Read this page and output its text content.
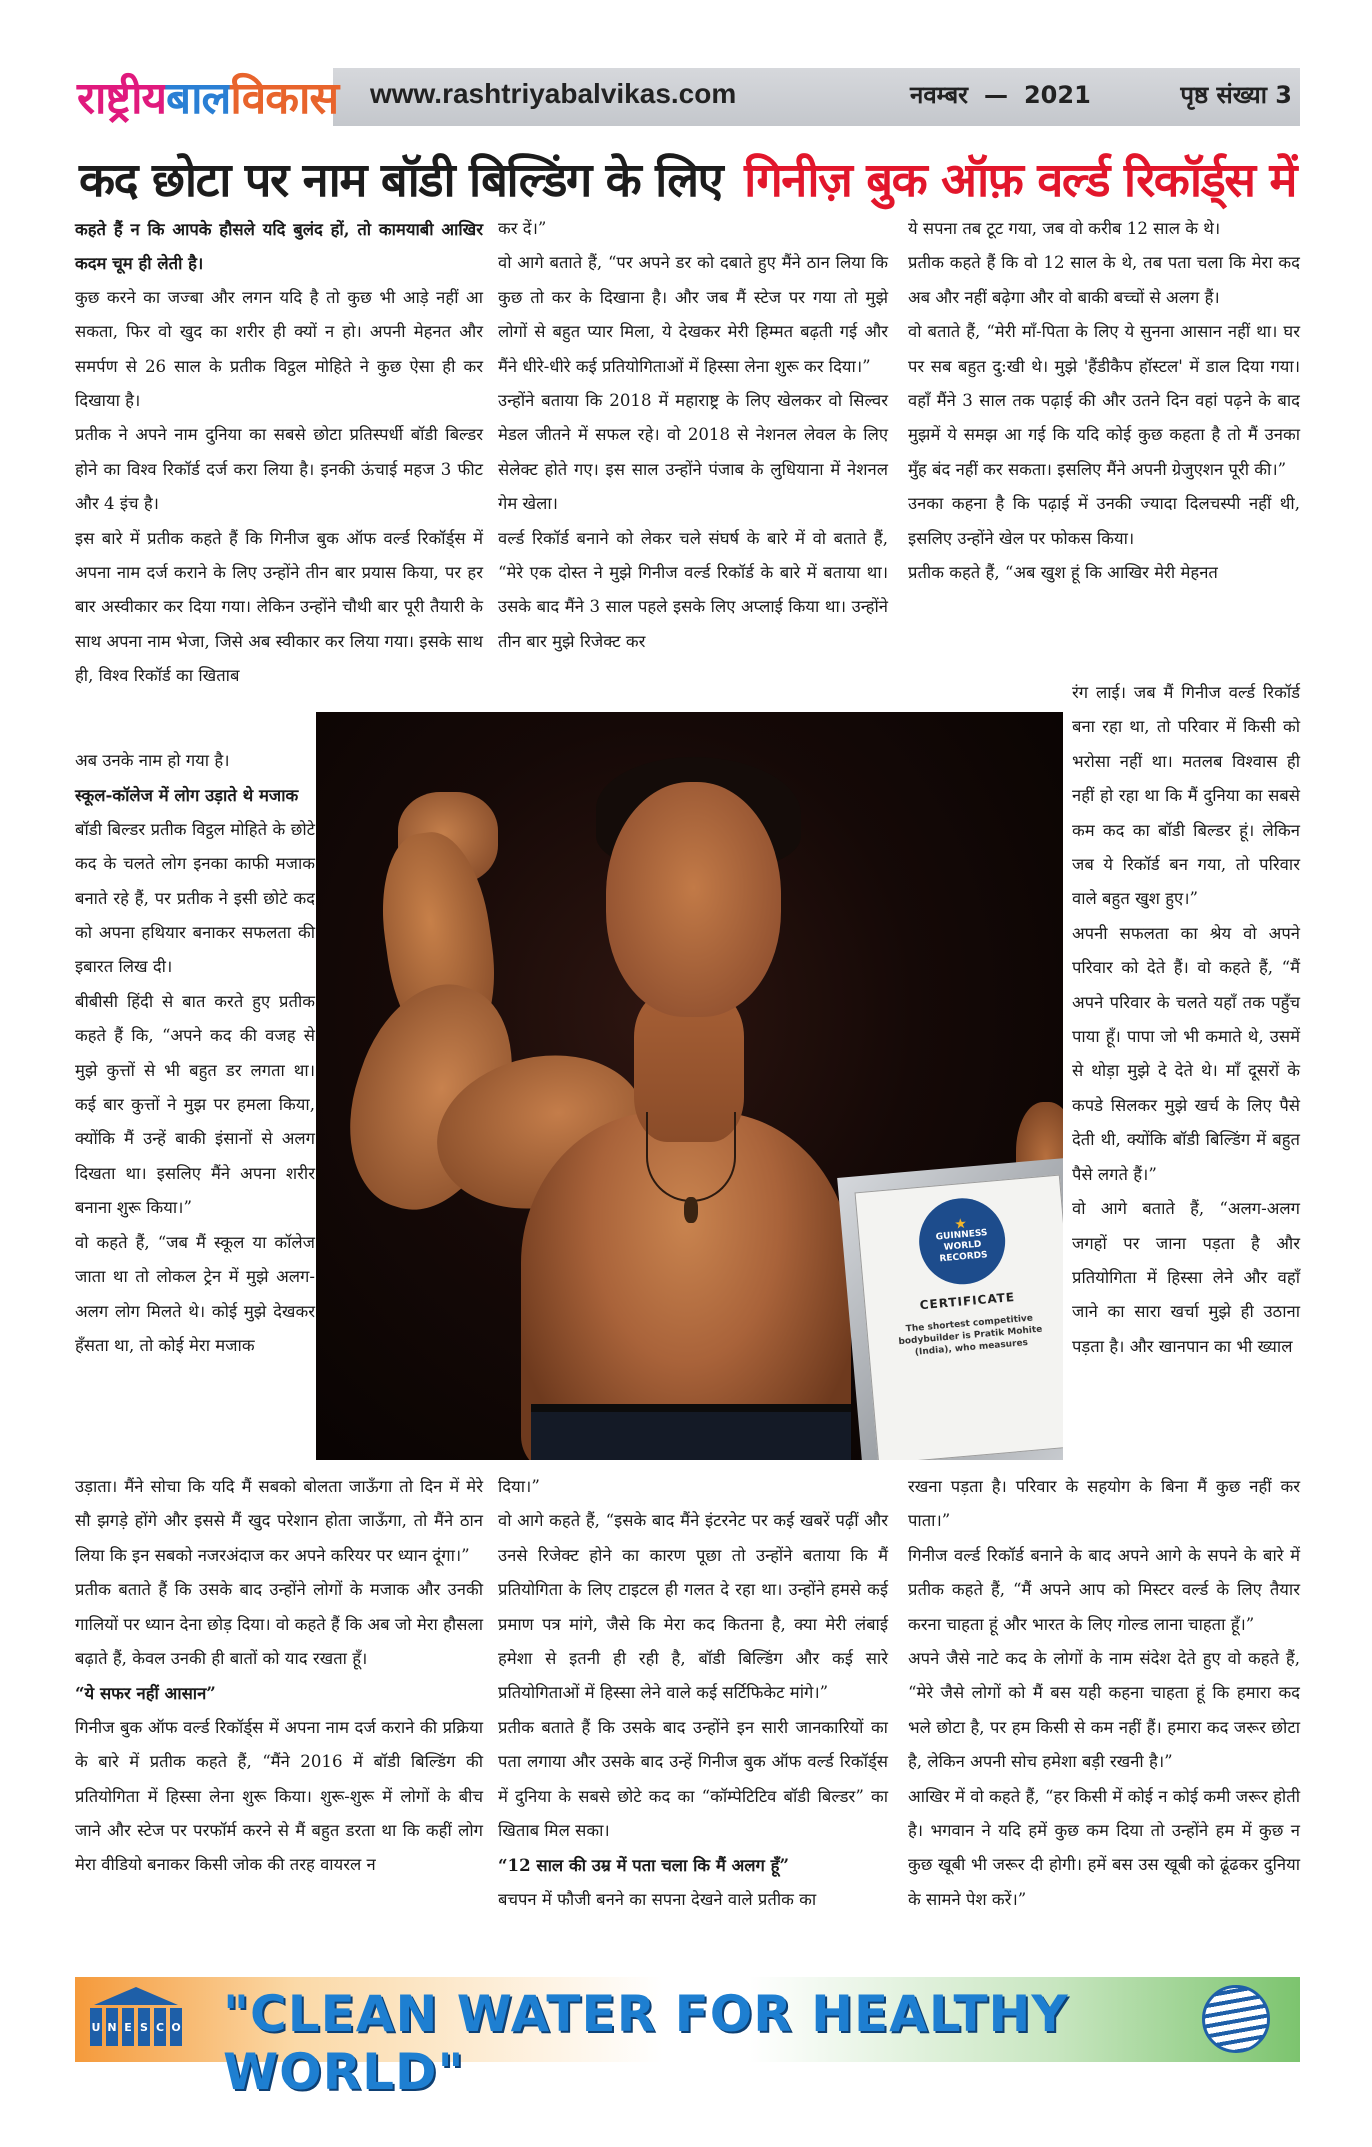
राष्ट्रीय बाल विकास www.rashtriyabalvikas.com	नवम्बर — 2021	पृष्ठ संख्या 3
कद छोटा पर नाम बॉडी बिल्डिंग के लिए गिनीज़ बुक ऑफ़ वर्ल्ड रिकॉर्ड्स में

कहते हैं न कि आपके हौसले यदि बुलंद हों, तो कामयाबी आखिर कदम चूम ही लेती है।

कुछ करने का जज्बा और लगन यदि है तो कुछ भी आड़े नहीं आ सकता, फिर वो खुद का शरीर ही क्यों न हो। अपनी मेहनत और समर्पण से 26 साल के प्रतीक विट्ठल मोहिते ने कुछ ऐसा ही कर दिखाया है।

प्रतीक ने अपने नाम दुनिया का सबसे छोटा प्रतिस्पर्धी बॉडी बिल्डर होने का विश्व रिकॉर्ड दर्ज करा लिया है। इनकी ऊंचाई महज 3 फीट और 4 इंच है।

इस बारे में प्रतीक कहते हैं कि गिनीज बुक ऑफ वर्ल्ड रिकॉर्ड्स में अपना नाम दर्ज कराने के लिए उन्होंने तीन बार प्रयास किया, पर हर बार अस्वीकार कर दिया गया। लेकिन उन्होंने चौथी बार पूरी तैयारी के साथ अपना नाम भेजा, जिसे अब स्वीकार कर लिया गया। इसके साथ ही, विश्व रिकॉर्ड का खिताब

अब उनके नाम हो गया है।

स्कूल-कॉलेज में लोग उड़ाते थे मजाक

बॉडी बिल्डर प्रतीक विट्ठल मोहिते के छोटे कद के चलते लोग इनका काफी मजाक बनाते रहे हैं, पर प्रतीक ने इसी छोटे कद को अपना हथियार बनाकर सफलता की इबारत लिख दी।

बीबीसी हिंदी से बात करते हुए प्रतीक कहते हैं कि, “अपने कद की वजह से मुझे कुत्तों से भी बहुत डर लगता था। कई बार कुत्तों ने मुझ पर हमला किया, क्योंकि मैं उन्हें बाकी इंसानों से अलग दिखता था। इसलिए मैंने अपना शरीर बनाना शुरू किया।”

वो कहते हैं, “जब मैं स्कूल या कॉलेज जाता था तो लोकल ट्रेन में मुझे अलग-अलग लोग मिलते थे। कोई मुझे देखकर हँसता था, तो कोई मेरा मजाक

उड़ाता। मैंने सोचा कि यदि मैं सबको बोलता जाऊँगा तो दिन में मेरे सौ झगड़े होंगे और इससे मैं खुद परेशान होता जाऊँगा, तो मैंने ठान लिया कि इन सबको नजरअंदाज कर अपने करियर पर ध्यान दूंगा।”

प्रतीक बताते हैं कि उसके बाद उन्होंने लोगों के मजाक और उनकी गालियों पर ध्यान देना छोड़ दिया। वो कहते हैं कि अब जो मेरा हौसला बढ़ाते हैं, केवल उनकी ही बातों को याद रखता हूँ।

“ये सफर नहीं आसान”

गिनीज बुक ऑफ वर्ल्ड रिकॉर्ड्स में अपना नाम दर्ज कराने की प्रक्रिया के बारे में प्रतीक कहते हैं, “मैंने 2016 में बॉडी बिल्डिंग की प्रतियोगिता में हिस्सा लेना शुरू किया। शुरू-शुरू में लोगों के बीच जाने और स्टेज पर परफॉर्म करने से मैं बहुत डरता था कि कहीं लोग मेरा वीडियो बनाकर किसी जोक की तरह वायरल न

कर दें।”

वो आगे बताते हैं, “पर अपने डर को दबाते हुए मैंने ठान लिया कि कुछ तो कर के दिखाना है। और जब मैं स्टेज पर गया तो मुझे लोगों से बहुत प्यार मिला, ये देखकर मेरी हिम्मत बढ़ती गई और मैंने धीरे-धीरे कई प्रतियोगिताओं में हिस्सा लेना शुरू कर दिया।”

उन्होंने बताया कि 2018 में महाराष्ट्र के लिए खेलकर वो सिल्वर मेडल जीतने में सफल रहे। वो 2018 से नेशनल लेवल के लिए सेलेक्ट होते गए। इस साल उन्होंने पंजाब के लुधियाना में नेशनल गेम खेला।

वर्ल्ड रिकॉर्ड बनाने को लेकर चले संघर्ष के बारे में वो बताते हैं, “मेरे एक दोस्त ने मुझे गिनीज वर्ल्ड रिकॉर्ड के बारे में बताया था। उसके बाद मैंने 3 साल पहले इसके लिए अप्लाई किया था। उन्होंने तीन बार मुझे रिजेक्ट कर

दिया।”

वो आगे कहते हैं, “इसके बाद मैंने इंटरनेट पर कई खबरें पढ़ीं और उनसे रिजेक्ट होने का कारण पूछा तो उन्होंने बताया कि मैं प्रतियोगिता के लिए टाइटल ही गलत दे रहा था। उन्होंने हमसे कई प्रमाण पत्र मांगे, जैसे कि मेरा कद कितना है, क्या मेरी लंबाई हमेशा से इतनी ही रही है, बॉडी बिल्डिंग और कई सारे प्रतियोगिताओं में हिस्सा लेने वाले कई सर्टिफिकेट मांगे।”

प्रतीक बताते हैं कि उसके बाद उन्होंने इन सारी जानकारियों का पता लगाया और उसके बाद उन्हें गिनीज बुक ऑफ वर्ल्ड रिकॉर्ड्स में दुनिया के सबसे छोटे कद का “कॉम्पेटिटिव बॉडी बिल्डर” का खिताब मिल सका।

“12 साल की उम्र में पता चला कि मैं अलग हूँ”

बचपन में फौजी बनने का सपना देखने वाले प्रतीक का

ये सपना तब टूट गया, जब वो करीब 12 साल के थे।

प्रतीक कहते हैं कि वो 12 साल के थे, तब पता चला कि मेरा कद अब और नहीं बढ़ेगा और वो बाकी बच्चों से अलग हैं।

वो बताते हैं, “मेरी माँ-पिता के लिए ये सुनना आसान नहीं था। घर पर सब बहुत दु:खी थे। मुझे 'हैंडीकैप हॉस्टल' में डाल दिया गया। वहाँ मैंने 3 साल तक पढ़ाई की और उतने दिन वहां पढ़ने के बाद मुझमें ये समझ आ गई कि यदि कोई कुछ कहता है तो मैं उनका मुँह बंद नहीं कर सकता। इसलिए मैंने अपनी ग्रेजुएशन पूरी की।”

उनका कहना है कि पढ़ाई में उनकी ज्यादा दिलचस्पी नहीं थी, इसलिए उन्होंने खेल पर फोकस किया।

प्रतीक कहते हैं, “अब खुश हूं कि आखिर मेरी मेहनत

रंग लाई। जब मैं गिनीज वर्ल्ड रिकॉर्ड बना रहा था, तो परिवार में किसी को भरोसा नहीं था। मतलब विश्वास ही नहीं हो रहा था कि मैं दुनिया का सबसे कम कद का बॉडी बिल्डर हूं। लेकिन जब ये रिकॉर्ड बन गया, तो परिवार वाले बहुत खुश हुए।”

अपनी सफलता का श्रेय वो अपने परिवार को देते हैं। वो कहते हैं, “मैं अपने परिवार के चलते यहाँ तक पहुँच पाया हूँ। पापा जो भी कमाते थे, उसमें से थोड़ा मुझे दे देते थे। माँ दूसरों के कपडे सिलकर मुझे खर्च के लिए पैसे देती थी, क्योंकि बॉडी बिल्डिंग में बहुत पैसे लगते हैं।”

वो आगे बताते हैं, “अलग-अलग जगहों पर जाना पड़ता है और प्रतियोगिता में हिस्सा लेने और वहाँ जाने का सारा खर्चा मुझे ही उठाना पड़ता है। और खानपान का भी ख्याल

रखना पड़ता है। परिवार के सहयोग के बिना मैं कुछ नहीं कर पाता।”

गिनीज वर्ल्ड रिकॉर्ड बनाने के बाद अपने आगे के सपने के बारे में प्रतीक कहते हैं, “मैं अपने आप को मिस्टर वर्ल्ड के लिए तैयार करना चाहता हूं और भारत के लिए गोल्ड लाना चाहता हूँ।”

अपने जैसे नाटे कद के लोगों के नाम संदेश देते हुए वो कहते हैं, “मेरे जैसे लोगों को मैं बस यही कहना चाहता हूं कि हमारा कद भले छोटा है, पर हम किसी से कम नहीं हैं। हमारा कद जरूर छोटा है, लेकिन अपनी सोच हमेशा बड़ी रखनी है।”

आखिर में वो कहते हैं, “हर किसी में कोई न कोई कमी जरूर होती है। भगवान ने यदि हमें कुछ कम दिया तो उन्होंने हम में कुछ न कुछ खूबी भी जरूर दी होगी। हमें बस उस खूबी को ढूंढकर दुनिया के सामने पेश करें।”

★
GUINNESS WORLD RECORDS
CERTIFICATE
The shortest competitive bodybuilder is Pratik Mohite (India), who measures
U N E S C O "CLEAN WATER FOR HEALTHY WORLD"
